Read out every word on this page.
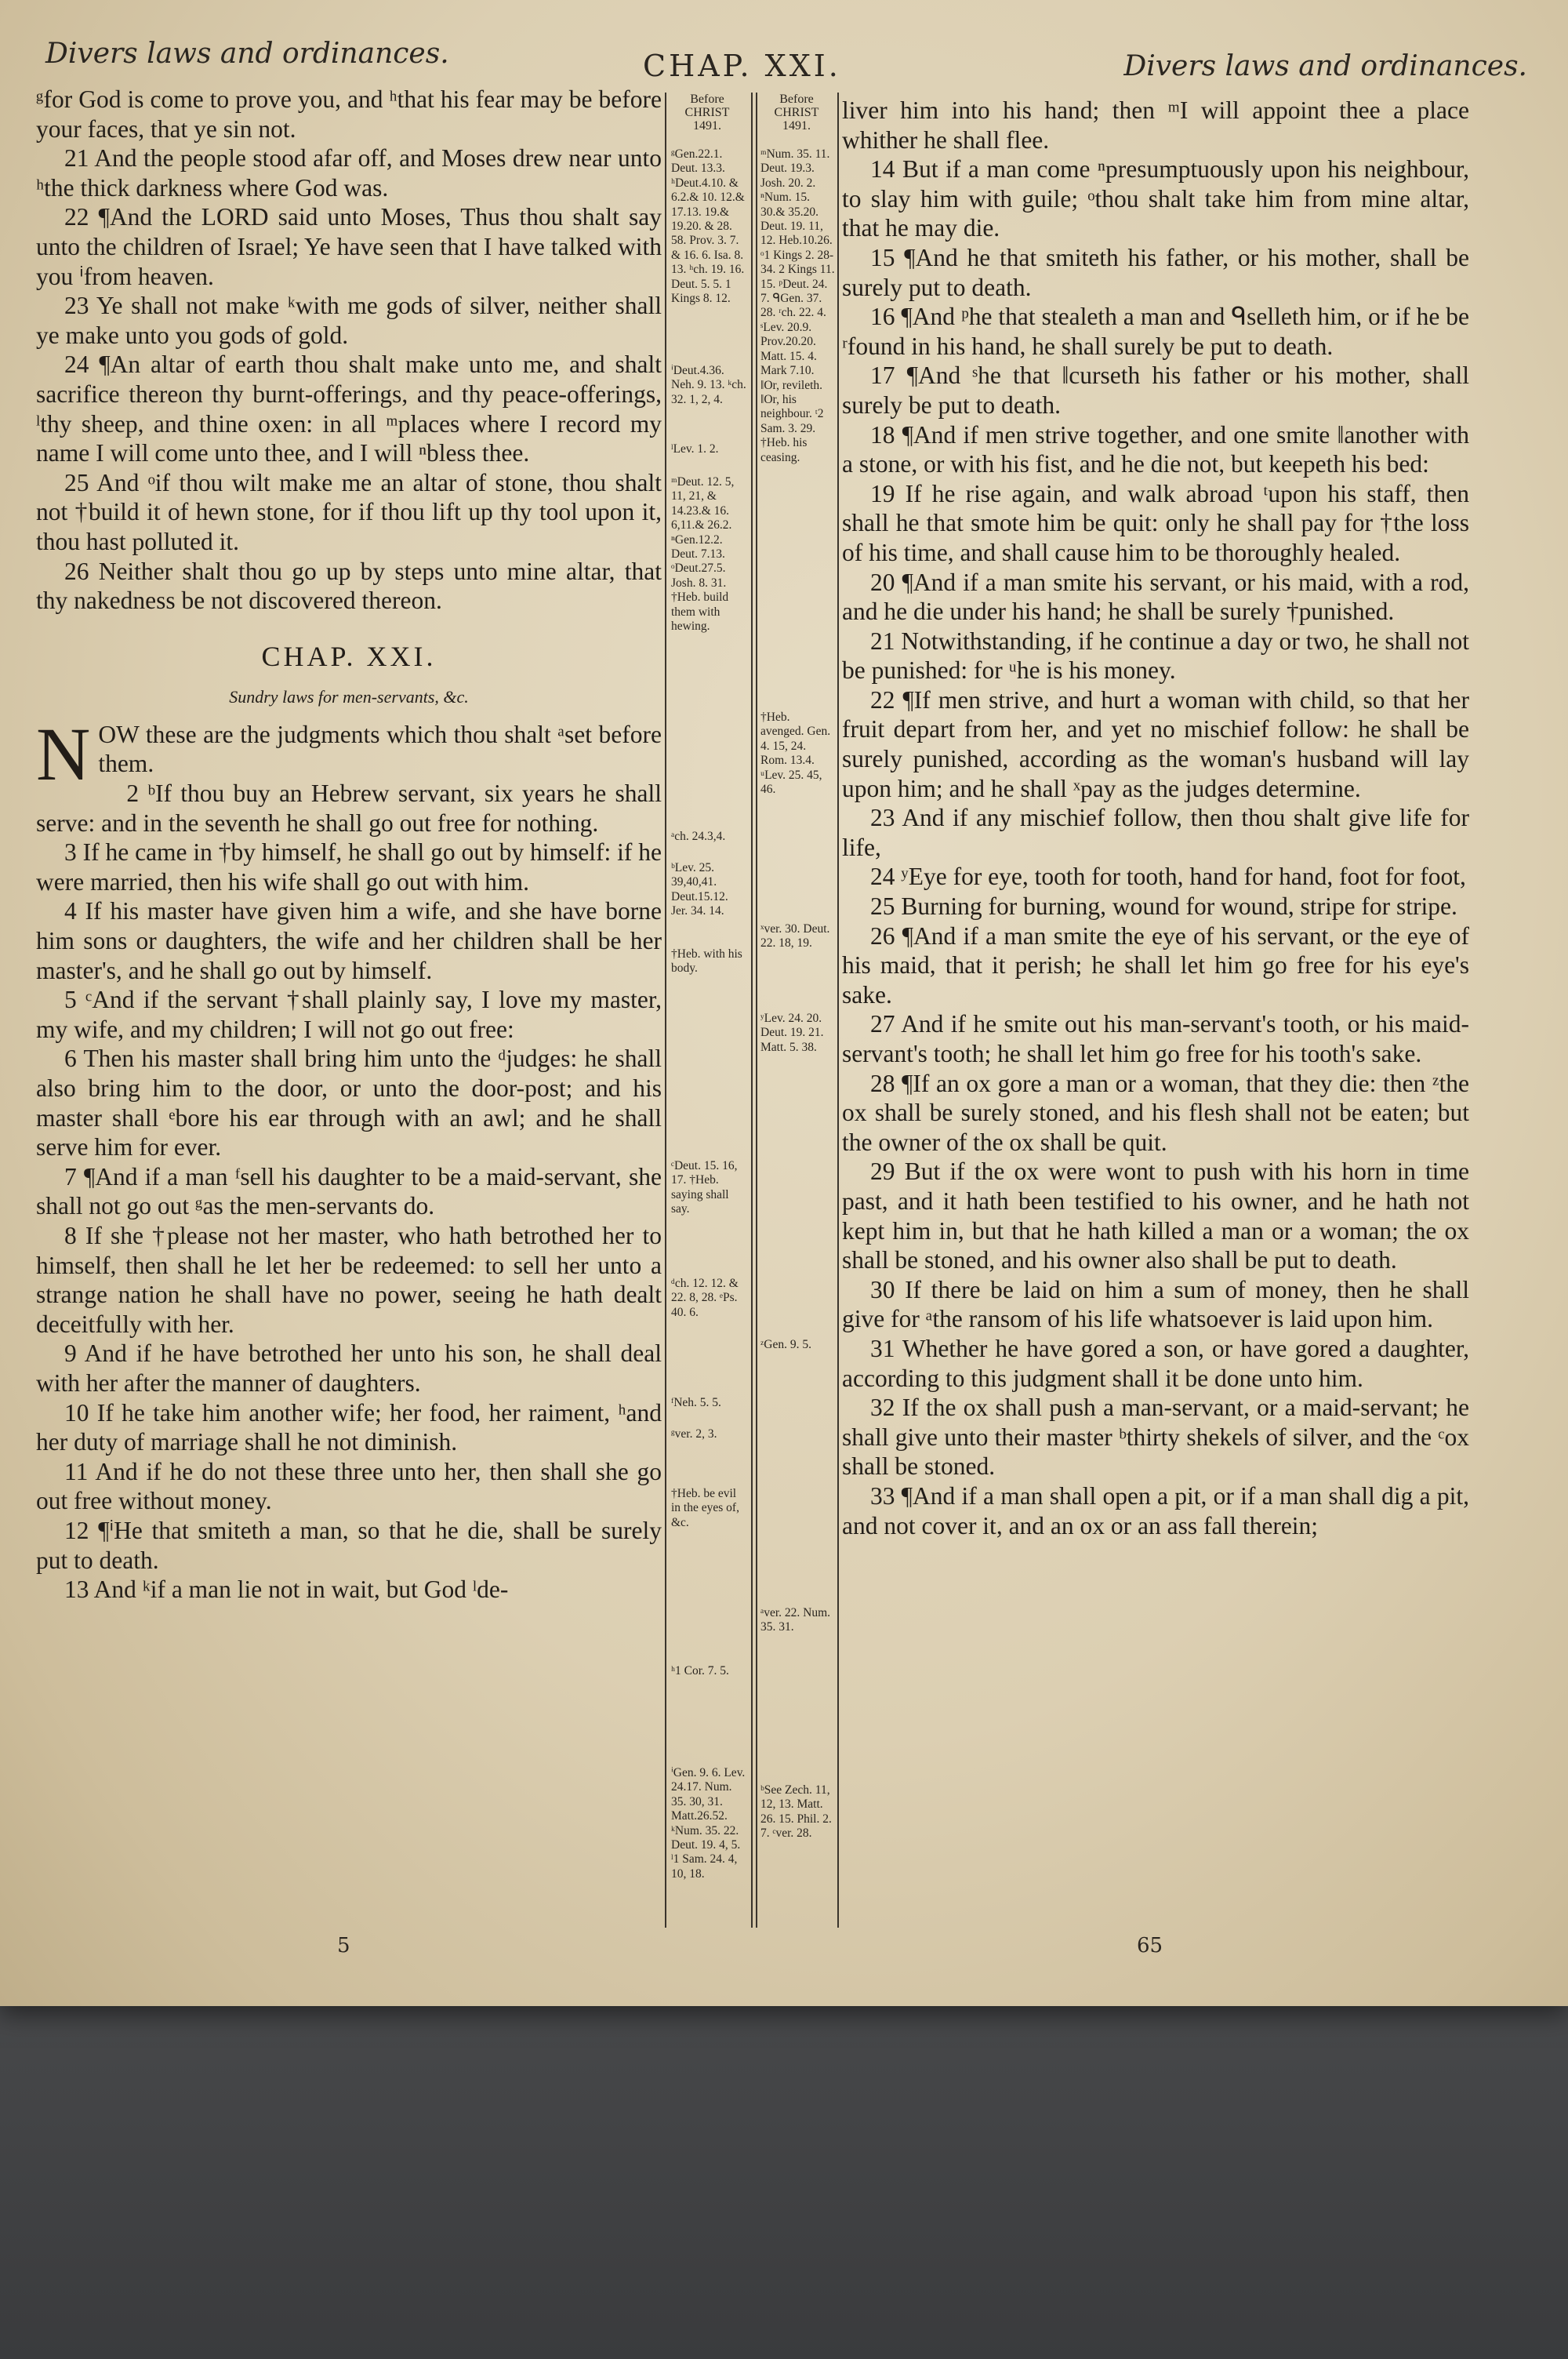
Divers laws and ordinances.	CHAP. XXI.	Divers laws and ordinances.

ᵍfor God is come to prove you, and ʰthat his fear may be before your faces, that ye sin not.

21 And the people stood afar off, and Moses drew near unto ʰthe thick darkness where God was.

22 ¶And the LORD said unto Moses, Thus thou shalt say unto the children of Israel; Ye have seen that I have talked with you ⁱfrom heaven.

23 Ye shall not make ᵏwith me gods of silver, neither shall ye make unto you gods of gold.

24 ¶An altar of earth thou shalt make unto me, and shalt sacrifice thereon thy burnt-offerings, and thy peace-offerings, ˡthy sheep, and thine oxen: in all ᵐplaces where I record my name I will come unto thee, and I will ⁿbless thee.

25 And ᵒif thou wilt make me an altar of stone, thou shalt not †build it of hewn stone, for if thou lift up thy tool upon it, thou hast polluted it.

26 Neither shalt thou go up by steps unto mine altar, that thy nakedness be not discovered thereon.

CHAP. XXI.
Sundry laws for men-servants, &c.

NOW these are the judgments which thou shalt ᵃset before them.

2 ᵇIf thou buy an Hebrew servant, six years he shall serve: and in the seventh he shall go out free for nothing.

3 If he came in †by himself, he shall go out by himself: if he were married, then his wife shall go out with him.

4 If his master have given him a wife, and she have borne him sons or daughters, the wife and her children shall be her master's, and he shall go out by himself.

5 ᶜAnd if the servant †shall plainly say, I love my master, my wife, and my children; I will not go out free:

6 Then his master shall bring him unto the ᵈjudges: he shall also bring him to the door, or unto the door-post; and his master shall ᵉbore his ear through with an awl; and he shall serve him for ever.

7 ¶And if a man ᶠsell his daughter to be a maid-servant, she shall not go out ᵍas the men-servants do.

8 If she †please not her master, who hath betrothed her to himself, then shall he let her be redeemed: to sell her unto a strange nation he shall have no power, seeing he hath dealt deceitfully with her.

9 And if he have betrothed her unto his son, he shall deal with her after the manner of daughters.

10 If he take him another wife; her food, her raiment, ʰand her duty of marriage shall he not diminish.

11 And if he do not these three unto her, then shall she go out free without money.

12 ¶ⁱHe that smiteth a man, so that he die, shall be surely put to death.

13 And ᵏif a man lie not in wait, but God ˡde-

Before
CHRIST
1491.
ᵍGen.22.1. Deut. 13.3. ʰDeut.4.10. & 6.2.& 10. 12.& 17.13. 19.& 19.20. & 28. 58. Prov. 3. 7. & 16. 6. Isa. 8. 13. ʰch. 19. 16. Deut. 5. 5. 1 Kings 8. 12.
ⁱDeut.4.36. Neh. 9. 13. ᵏch. 32. 1, 2, 4.
ˡLev. 1. 2.
ᵐDeut. 12. 5, 11, 21, & 14.23.& 16. 6,11.& 26.2. ⁿGen.12.2. Deut. 7.13. ᵒDeut.27.5. Josh. 8. 31. †Heb. build them with hewing.
ᵃch. 24.3,4.
ᵇLev. 25. 39,40,41. Deut.15.12. Jer. 34. 14.
†Heb. with his body.
ᶜDeut. 15. 16, 17. †Heb. saying shall say.
ᵈch. 12. 12. & 22. 8, 28. ᵉPs. 40. 6.
ᶠNeh. 5. 5.
ᵍver. 2, 3.
†Heb. be evil in the eyes of, &c.
ʰ1 Cor. 7. 5.
ⁱGen. 9. 6. Lev. 24.17. Num. 35. 30, 31. Matt.26.52. ᵏNum. 35. 22. Deut. 19. 4, 5. ˡ1 Sam. 24. 4, 10, 18.
Before
CHRIST
1491.
ᵐNum. 35. 11. Deut. 19.3. Josh. 20. 2. ⁿNum. 15. 30.& 35.20. Deut. 19. 11, 12. Heb.10.26. ᵒ1 Kings 2. 28-34. 2 Kings 11. 15. ᵖDeut. 24. 7. ᑫGen. 37. 28. ʳch. 22. 4. ˢLev. 20.9. Prov.20.20. Matt. 15. 4. Mark 7.10. ‖Or, revileth. ‖Or, his neighbour. ᵗ2 Sam. 3. 29. †Heb. his ceasing.
†Heb. avenged. Gen. 4. 15, 24. Rom. 13.4. ᵘLev. 25. 45, 46.
ˣver. 30. Deut. 22. 18, 19.
ʸLev. 24. 20. Deut. 19. 21. Matt. 5. 38.
ᶻGen. 9. 5.
ᵃver. 22. Num. 35. 31.
ᵇSee Zech. 11, 12, 13. Matt. 26. 15. Phil. 2. 7. ᶜver. 28.

liver him into his hand; then ᵐI will appoint thee a place whither he shall flee.

14 But if a man come ⁿpresumptuously upon his neighbour, to slay him with guile; ᵒthou shalt take him from mine altar, that he may die.

15 ¶And he that smiteth his father, or his mother, shall be surely put to death.

16 ¶And ᵖhe that stealeth a man and ᑫselleth him, or if he be ʳfound in his hand, he shall surely be put to death.

17 ¶And ˢhe that ‖curseth his father or his mother, shall surely be put to death.

18 ¶And if men strive together, and one smite ‖another with a stone, or with his fist, and he die not, but keepeth his bed:

19 If he rise again, and walk abroad ᵗupon his staff, then shall he that smote him be quit: only he shall pay for †the loss of his time, and shall cause him to be thoroughly healed.

20 ¶And if a man smite his servant, or his maid, with a rod, and he die under his hand; he shall be surely †punished.

21 Notwithstanding, if he continue a day or two, he shall not be punished: for ᵘhe is his money.

22 ¶If men strive, and hurt a woman with child, so that her fruit depart from her, and yet no mischief follow: he shall be surely punished, according as the woman's husband will lay upon him; and he shall ˣpay as the judges determine.

23 And if any mischief follow, then thou shalt give life for life,

24 ʸEye for eye, tooth for tooth, hand for hand, foot for foot,

25 Burning for burning, wound for wound, stripe for stripe.

26 ¶And if a man smite the eye of his servant, or the eye of his maid, that it perish; he shall let him go free for his eye's sake.

27 And if he smite out his man-servant's tooth, or his maid-servant's tooth; he shall let him go free for his tooth's sake.

28 ¶If an ox gore a man or a woman, that they die: then ᶻthe ox shall be surely stoned, and his flesh shall not be eaten; but the owner of the ox shall be quit.

29 But if the ox were wont to push with his horn in time past, and it hath been testified to his owner, and he hath not kept him in, but that he hath killed a man or a woman; the ox shall be stoned, and his owner also shall be put to death.

30 If there be laid on him a sum of money, then he shall give for ᵃthe ransom of his life whatsoever is laid upon him.

31 Whether he have gored a son, or have gored a daughter, according to this judgment shall it be done unto him.

32 If the ox shall push a man-servant, or a maid-servant; he shall give unto their master ᵇthirty shekels of silver, and the ᶜox shall be stoned.

33 ¶And if a man shall open a pit, or if a man shall dig a pit, and not cover it, and an ox or an ass fall therein;

5	65
